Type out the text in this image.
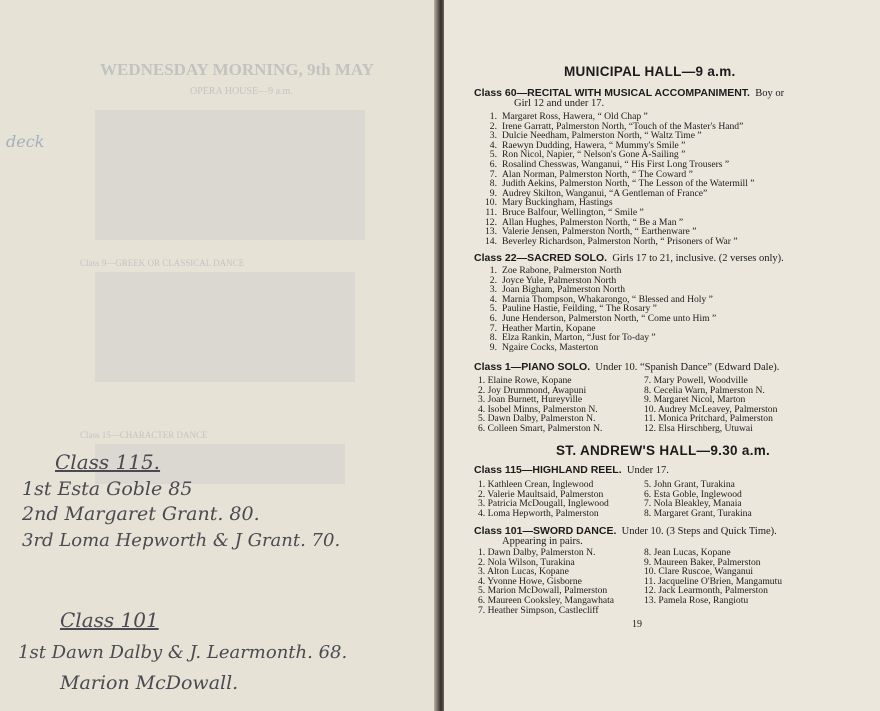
WEDNESDAY MORNING, 9th MAY
OPERA HOUSE—9 a.m.
Class 9—GREEK OR CLASSICAL DANCE
Class 15—CHARACTER DANCE
deck
Class 115.
1st Esta Goble 85
2nd Margaret Grant. 80.
3rd Loma Hepworth & J Grant. 70.
Class 101
1st Dawn Dalby & J. Learmonth. 68.
Marion McDowall.
MUNICIPAL HALL—9 a.m.
Class 60—RECITAL WITH MUSICAL ACCOMPANIMENT. Boy or
Girl 12 and under 17.
1. Margaret Ross, Hawera, “ Old Chap ”
2. Irene Garratt, Palmerston North, “Touch of the Master's Hand”
3. Dulcie Needham, Palmerston North, “ Waltz Time ”
4. Raewyn Dudding, Hawera, “ Mummy's Smile ”
5. Ron Nicol, Napier, “ Nelson's Gone A-Sailing ”
6. Rosalind Chesswas, Wanganui, “ His First Long Trousers ”
7. Alan Norman, Palmerston North, “ The Coward ”
8. Judith Aekins, Palmerston North, “ The Lesson of the Watermill ”
9. Audrey Skilton, Wanganui, “A Gentleman of France”
10. Mary Buckingham, Hastings
11. Bruce Balfour, Wellington, “ Smile ”
12. Allan Hughes, Palmerston North, “ Be a Man ”
13. Valerie Jensen, Palmerston North, “ Earthenware ”
14. Beverley Richardson, Palmerston North, “ Prisoners of War ”
Class 22—SACRED SOLO. Girls 17 to 21, inclusive. (2 verses only).
1. Zoe Rabone, Palmerston North
2. Joyce Yule, Palmerston North
3. Joan Bigham, Palmerston North
4. Marnia Thompson, Whakarongo, “ Blessed and Holy ”
5. Pauline Hastie, Feilding, “ The Rosary ”
6. June Henderson, Palmerston North, “ Come unto Him ”
7. Heather Martin, Kopane
8. Elza Rankin, Marton, “Just for To-day ”
9. Ngaire Cocks, Masterton
Class 1—PIANO SOLO. Under 10. “Spanish Dance” (Edward Dale).
1. Elaine Rowe, Kopane
2. Joy Drummond, Awapuni
3. Joan Burnett, Hureyville
4. Isobel Minns, Palmerston N.
5. Dawn Dalby, Palmerston N.
6. Colleen Smart, Palmerston N.
7. Mary Powell, Woodville
8. Cecelia Warn, Palmerston N.
9. Margaret Nicol, Marton
10. Audrey McLeavey, Palmerston
11. Monica Pritchard, Palmerston
12. Elsa Hirschberg, Utuwai
ST. ANDREW'S HALL—9.30 a.m.
Class 115—HIGHLAND REEL. Under 17.
1. Kathleen Crean, Inglewood
2. Valerie Maultsaid, Palmerston
3. Patricia McDougall, Inglewood
4. Loma Hepworth, Palmerston
5. John Grant, Turakina
6. Esta Goble, Inglewood
7. Nola Bleakley, Manaia
8. Margaret Grant, Turakina
Class 101—SWORD DANCE. Under 10. (3 Steps and Quick Time).
Appearing in pairs.
1. Dawn Dalby, Palmerston N.
2. Nola Wilson, Turakina
3. Alton Lucas, Kopane
4. Yvonne Howe, Gisborne
5. Marion McDowall, Palmerston
6. Maureen Cooksley, Mangawhata
7. Heather Simpson, Castlecliff
8. Jean Lucas, Kopane
9. Maureen Baker, Palmerston
10. Clare Ruscoe, Wanganui
11. Jacqueline O'Brien, Mangamutu
12. Jack Learmonth, Palmerston
13. Pamela Rose, Rangiotu
19
